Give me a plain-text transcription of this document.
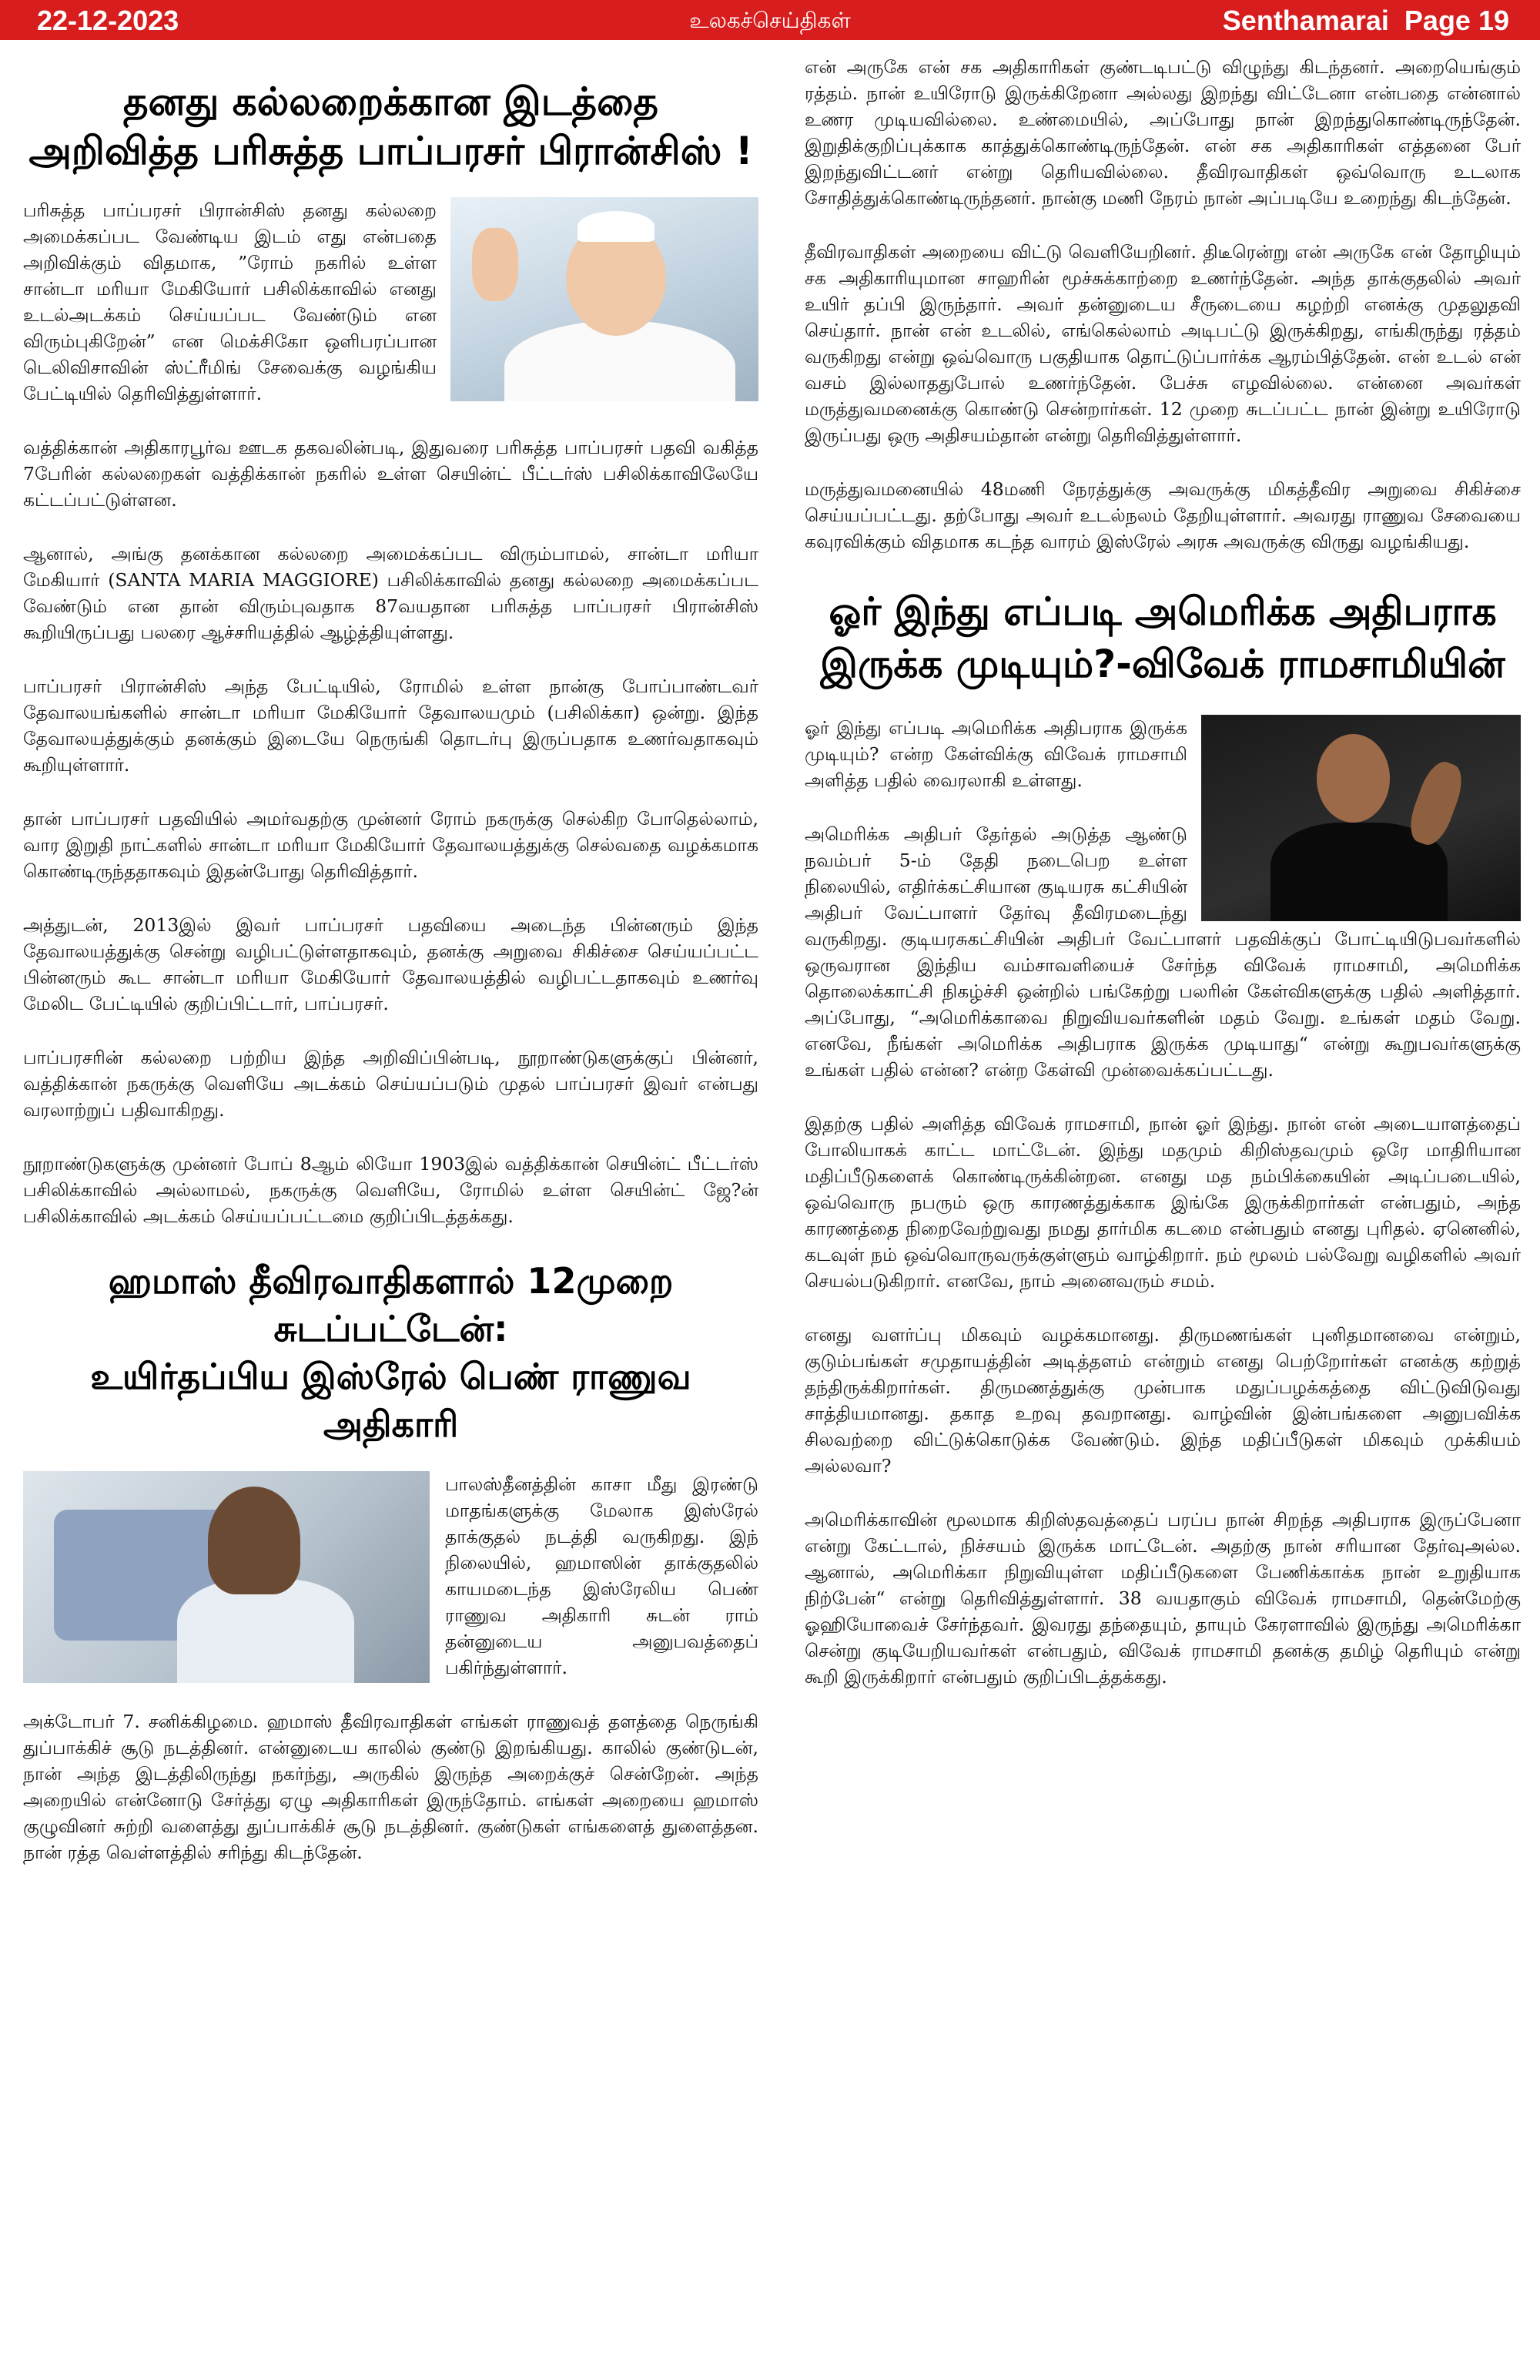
22-12-2023	உலகச்செய்திகள்	Senthamarai Page 19
தனது கல்லறைக்கான இடத்தை
அறிவித்த பரிசுத்த பாப்பரசர் பிரான்சிஸ் !

பரிசுத்த பாப்பரசர் பிரான்சிஸ் தனது கல்லறை அமைக்கப்பட வேண்டிய இடம் எது என்பதை அறிவிக்கும் விதமாக, ”ரோம் நகரில் உள்ள சான்டா மரியா மேகியோர் பசிலிக்காவில் எனது உடல்அடக்கம் செய்யப்பட வேண்டும் என விரும்புகிறேன்” என மெக்சிகோ ஒளிபரப்பான டெலிவிசாவின் ஸ்ட்ரீமிங் சேவைக்கு வழங்கிய பேட்டியில் தெரிவித்துள்ளார்.

வத்திக்கான் அதிகாரபூர்வ ஊடக தகவலின்படி, இதுவரை பரிசுத்த பாப்பரசர் பதவி வகித்த 7பேரின் கல்லறைகள் வத்திக்கான் நகரில் உள்ள செயின்ட் பீட்டர்ஸ் பசிலிக்காவிலேயே கட்டப்பட்டுள்ளன.

ஆனால், அங்கு தனக்கான கல்லறை அமைக்கப்பட விரும்பாமல், சான்டா மரியா மேகியார் (SANTA MARIA MAGGIORE) பசிலிக்காவில் தனது கல்லறை அமைக்கப்பட வேண்டும் என தான் விரும்புவதாக 87வயதான பரிசுத்த பாப்பரசர் பிரான்சிஸ் கூறியிருப்பது பலரை ஆச்சரியத்தில் ஆழ்த்தியுள்ளது.

பாப்பரசர் பிரான்சிஸ் அந்த பேட்டியில், ரோமில் உள்ள நான்கு போப்பாண்டவர் தேவாலயங்களில் சான்டா மரியா மேகியோர் தேவாலயமும் (பசிலிக்கா) ஒன்று. இந்த தேவாலயத்துக்கும் தனக்கும் இடையே நெருங்கி தொடர்பு இருப்பதாக உணர்வதாகவும் கூறியுள்ளார்.

தான் பாப்பரசர் பதவியில் அமர்வதற்கு முன்னர் ரோம் நகருக்கு செல்கிற போதெல்லாம், வார இறுதி நாட்களில் சான்டா மரியா மேகியோர் தேவாலயத்துக்கு செல்வதை வழக்கமாக கொண்டிருந்ததாகவும் இதன்போது தெரிவித்தார்.

அத்துடன், 2013இல் இவர் பாப்பரசர் பதவியை அடைந்த பின்னரும் இந்த தேவாலயத்துக்கு சென்று வழிபட்டுள்ளதாகவும், தனக்கு அறுவை சிகிச்சை செய்யப்பட்ட பின்னரும் கூட சான்டா மரியா மேகியோர் தேவாலயத்தில் வழிபட்டதாகவும் உணர்வு மேலிட பேட்டியில் குறிப்பிட்டார், பாப்பரசர்.

பாப்பரசரின் கல்லறை பற்றிய இந்த அறிவிப்பின்படி, நூறாண்டுகளுக்குப் பின்னர், வத்திக்கான் நகருக்கு வெளியே அடக்கம் செய்யப்படும் முதல் பாப்பரசர் இவர் என்பது வரலாற்றுப் பதிவாகிறது.

நூறாண்டுகளுக்கு முன்னர் போப் 8ஆம் லியோ 1903இல் வத்திக்கான் செயின்ட் பீட்டர்ஸ் பசிலிக்காவில் அல்லாமல், நகருக்கு வெளியே, ரோமில் உள்ள செயின்ட் ஜே?ன் பசிலிக்காவில் அடக்கம் செய்யப்பட்டமை குறிப்பிடத்தக்கது.

ஹமாஸ் தீவிரவாதிகளால் 12முறை சுடப்பட்டேன்:
உயிர்தப்பிய இஸ்ரேல் பெண் ராணுவ அதிகாரி

பாலஸ்தீனத்தின் காசா மீது இரண்டு மாதங்களுக்கு மேலாக இஸ்ரேல் தாக்குதல் நடத்தி வருகிறது. இந் நிலையில், ஹமாஸின் தாக்குதலில் காயமடைந்த இஸ்ரேலிய பெண் ராணுவ அதிகாரி சுடன் ராம் தன்னுடைய அனுபவத்தைப் பகிர்ந்துள்ளார்.

அக்டோபர் 7. சனிக்கிழமை. ஹமாஸ் தீவிரவாதிகள் எங்கள் ராணுவத் தளத்தை நெருங்கி துப்பாக்கிச் சூடு நடத்தினர். என்னுடைய காலில் குண்டு இறங்கியது. காலில் குண்டுடன், நான் அந்த இடத்திலிருந்து நகர்ந்து, அருகில் இருந்த அறைக்குச் சென்றேன். அந்த அறையில் என்னோடு சேர்த்து ஏழு அதிகாரிகள் இருந்தோம். எங்கள் அறையை ஹமாஸ் குழுவினர் சுற்றி வளைத்து துப்பாக்கிச் சூடு நடத்தினர். குண்டுகள் எங்களைத் துளைத்தன. நான் ரத்த வெள்ளத்தில் சரிந்து கிடந்தேன்.

என் அருகே என் சக அதிகாரிகள் குண்டடிபட்டு விழுந்து கிடந்தனர். அறையெங்கும் ரத்தம். நான் உயிரோடு இருக்கிறேனா அல்லது இறந்து விட்டேனா என்பதை என்னால் உணர முடியவில்லை. உண்மையில், அப்போது நான் இறந்துகொண்டிருந்தேன். இறுதிக்குறிப்புக்காக காத்துக்கொண்டிருந்தேன். என் சக அதிகாரிகள் எத்தனை பேர் இறந்துவிட்டனர் என்று தெரியவில்லை. தீவிரவாதிகள் ஒவ்வொரு உடலாக சோதித்துக்கொண்டிருந்தனர். நான்கு மணி நேரம் நான் அப்படியே உறைந்து கிடந்தேன்.

தீவிரவாதிகள் அறையை விட்டு வெளியேறினர். திடீரென்று என் அருகே என் தோழியும் சக அதிகாரியுமான சாஹரின் மூச்சுக்காற்றை உணர்ந்தேன். அந்த தாக்குதலில் அவர் உயிர் தப்பி இருந்தார். அவர் தன்னுடைய சீருடையை கழற்றி எனக்கு முதலுதவி செய்தார். நான் என் உடலில், எங்கெல்லாம் அடிபட்டு இருக்கிறது, எங்கிருந்து ரத்தம் வருகிறது என்று ஒவ்வொரு பகுதியாக தொட்டுப்பார்க்க ஆரம்பித்தேன். என் உடல் என் வசம் இல்லாததுபோல் உணர்ந்தேன். பேச்சு எழவில்லை. என்னை அவர்கள் மருத்துவமனைக்கு கொண்டு சென்றார்கள். 12 முறை சுடப்பட்ட நான் இன்று உயிரோடு இருப்பது ஒரு அதிசயம்தான் என்று தெரிவித்துள்ளார்.

மருத்துவமனையில் 48மணி நேரத்துக்கு அவருக்கு மிகத்தீவிர அறுவை சிகிச்சை செய்யப்பட்டது. தற்போது அவர் உடல்நலம் தேறியுள்ளார். அவரது ராணுவ சேவையை கவுரவிக்கும் விதமாக கடந்த வாரம் இஸ்ரேல் அரசு அவருக்கு விருது வழங்கியது.

ஓர் இந்து எப்படி அமெரிக்க அதிபராக
இருக்க முடியும்?-விவேக் ராமசாமியின்

ஓர் இந்து எப்படி அமெரிக்க அதிபராக இருக்க முடியும்? என்ற கேள்விக்கு விவேக் ராமசாமி அளித்த பதில் வைரலாகி உள்ளது.

அமெரிக்க அதிபர் தேர்தல் அடுத்த ஆண்டு நவம்பர் 5-ம் தேதி நடைபெற உள்ள நிலையில், எதிர்க்கட்சியான குடியரசு கட்சியின் அதிபர் வேட்பாளர் தேர்வு தீவிரமடைந்து வருகிறது. குடியரசுகட்சியின் அதிபர் வேட்பாளர் பதவிக்குப் போட்டியிடுபவர்களில் ஒருவரான இந்திய வம்சாவளியைச் சேர்ந்த விவேக் ராமசாமி, அமெரிக்க தொலைக்காட்சி நிகழ்ச்சி ஒன்றில் பங்கேற்று பலரின் கேள்விகளுக்கு பதில் அளித்தார். அப்போது, “அமெரிக்காவை நிறுவியவர்களின் மதம் வேறு. உங்கள் மதம் வேறு. எனவே, நீங்கள் அமெரிக்க அதிபராக இருக்க முடியாது“ என்று கூறுபவர்களுக்கு உங்கள் பதில் என்ன? என்ற கேள்வி முன்வைக்கப்பட்டது.

இதற்கு பதில் அளித்த விவேக் ராமசாமி, நான் ஓர் இந்து. நான் என் அடையாளத்தைப் போலியாகக் காட்ட மாட்டேன். இந்து மதமும் கிறிஸ்தவமும் ஒரே மாதிரியான மதிப்பீடுகளைக் கொண்டிருக்கின்றன. எனது மத நம்பிக்கையின் அடிப்படையில், ஒவ்வொரு நபரும் ஒரு காரணத்துக்காக இங்கே இருக்கிறார்கள் என்பதும், அந்த காரணத்தை நிறைவேற்றுவது நமது தார்மிக கடமை என்பதும் எனது புரிதல். ஏனெனில், கடவுள் நம் ஒவ்வொருவருக்குள்ளும் வாழ்கிறார். நம் மூலம் பல்வேறு வழிகளில் அவர் செயல்படுகிறார். எனவே, நாம் அனைவரும் சமம்.

எனது வளர்ப்பு மிகவும் வழக்கமானது. திருமணங்கள் புனிதமானவை என்றும், குடும்பங்கள் சமுதாயத்தின் அடித்தளம் என்றும் எனது பெற்றோர்கள் எனக்கு கற்றுத் தந்திருக்கிறார்கள். திருமணத்துக்கு முன்பாக மதுப்பழக்கத்தை விட்டுவிடுவது சாத்தியமானது. தகாத உறவு தவறானது. வாழ்வின் இன்பங்களை அனுபவிக்க சிலவற்றை விட்டுக்கொடுக்க வேண்டும். இந்த மதிப்பீடுகள் மிகவும் முக்கியம் அல்லவா?

அமெரிக்காவின் மூலமாக கிறிஸ்தவத்தைப் பரப்ப நான் சிறந்த அதிபராக இருப்பேனா என்று கேட்டால், நிச்சயம் இருக்க மாட்டேன். அதற்கு நான் சரியான தேர்வுஅல்ல. ஆனால், அமெரிக்கா நிறுவியுள்ள மதிப்பீடுகளை பேணிக்காக்க நான் உறுதியாக நிற்பேன்“ என்று தெரிவித்துள்ளார். 38 வயதாகும் விவேக் ராமசாமி, தென்மேற்கு ஓஹியோவைச் சேர்ந்தவர். இவரது தந்தையும், தாயும் கேரளாவில் இருந்து அமெரிக்கா சென்று குடியேறியவர்கள் என்பதும், விவேக் ராமசாமி தனக்கு தமிழ் தெரியும் என்று கூறி இருக்கிறார் என்பதும் குறிப்பிடத்தக்கது.
